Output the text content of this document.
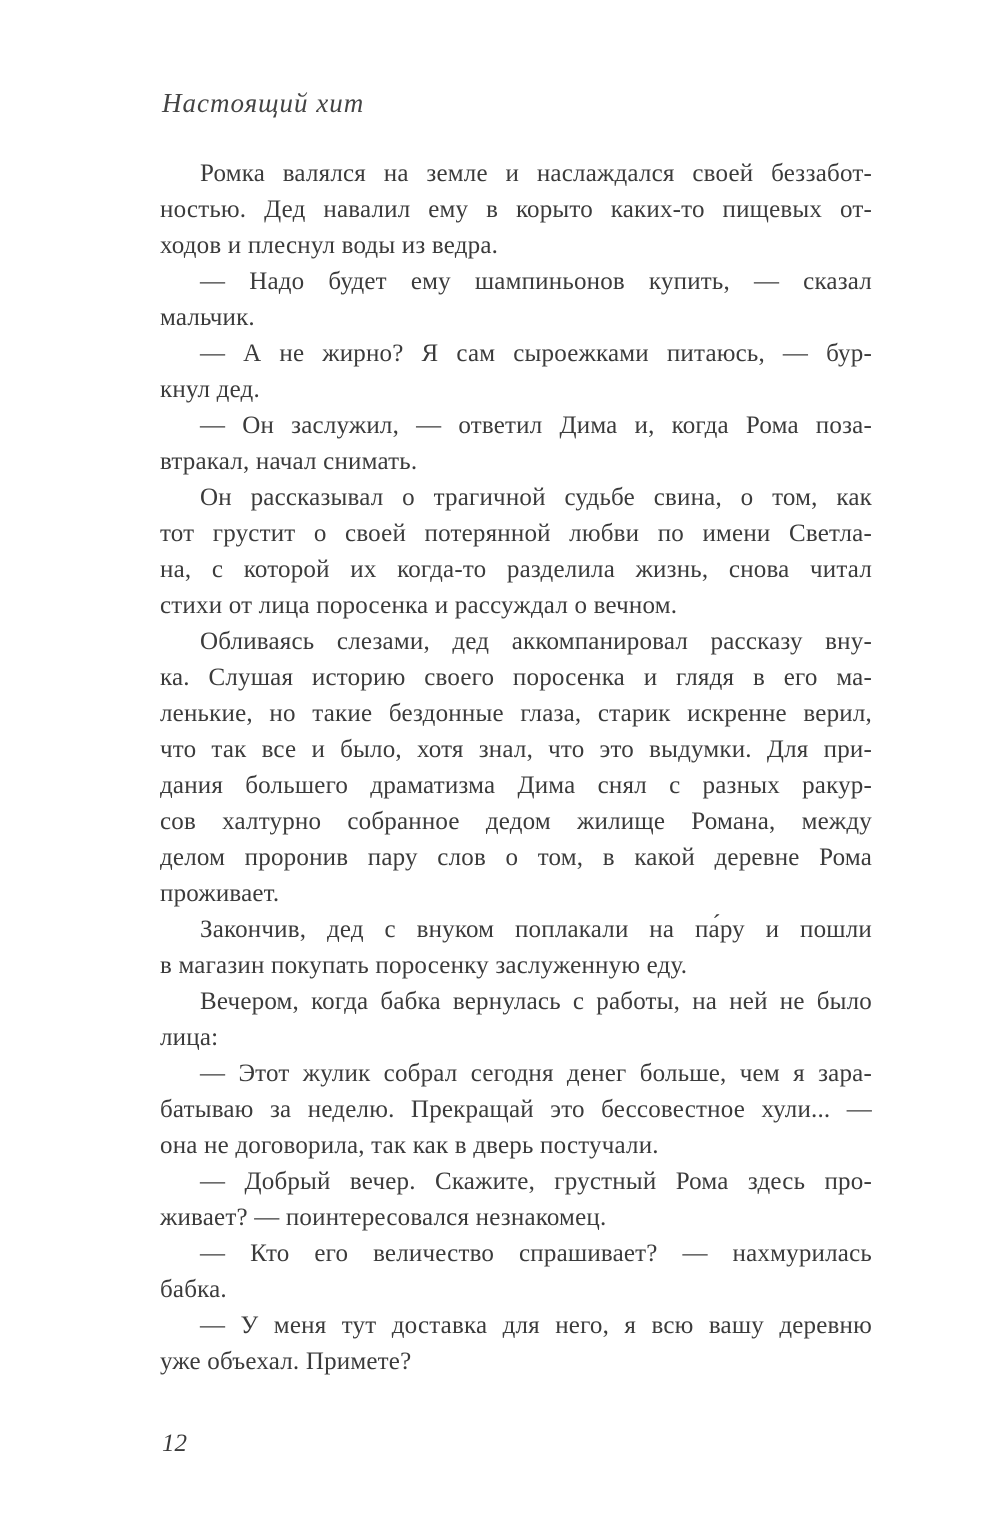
Настоящий хит
Ромка валялся на земле и наслаждался своей беззабот-
ностью. Дед навалил ему в корыто каких-то пищевых от-
ходов и плеснул воды из ведра.
— Надо будет ему шампиньонов купить, — сказал
мальчик.
— А не жирно? Я сам сыроежками питаюсь, — бур-
кнул дед.
— Он заслужил, — ответил Дима и, когда Рома поза-
втракал, начал снимать.
Он рассказывал о трагичной судьбе свина, о том, как
тот грустит о своей потерянной любви по имени Светла-
на, с которой их когда-то разделила жизнь, снова читал
стихи от лица поросенка и рассуждал о вечном.
Обливаясь слезами, дед аккомпанировал рассказу вну-
ка. Слушая историю своего поросенка и глядя в его ма-
ленькие, но такие бездонные глаза, старик искренне верил,
что так все и было, хотя знал, что это выдумки. Для при-
дания большего драматизма Дима снял с разных ракур-
сов халтурно собранное дедом жилище Романа, между
делом проронив пару слов о том, в какой деревне Рома
проживает.
Закончив, дед с внуком поплакали на па́ру и пошли
в магазин покупать поросенку заслуженную еду.
Вечером, когда бабка вернулась с работы, на ней не было
лица:
— Этот жулик собрал сегодня денег больше, чем я зара-
батываю за неделю. Прекращай это бессовестное хули... —
она не договорила, так как в дверь постучали.
— Добрый вечер. Скажите, грустный Рома здесь про-
живает? — поинтересовался незнакомец.
— Кто его величество спрашивает? — нахмурилась
бабка.
— У меня тут доставка для него, я всю вашу деревню
уже объехал. Примете?
12
